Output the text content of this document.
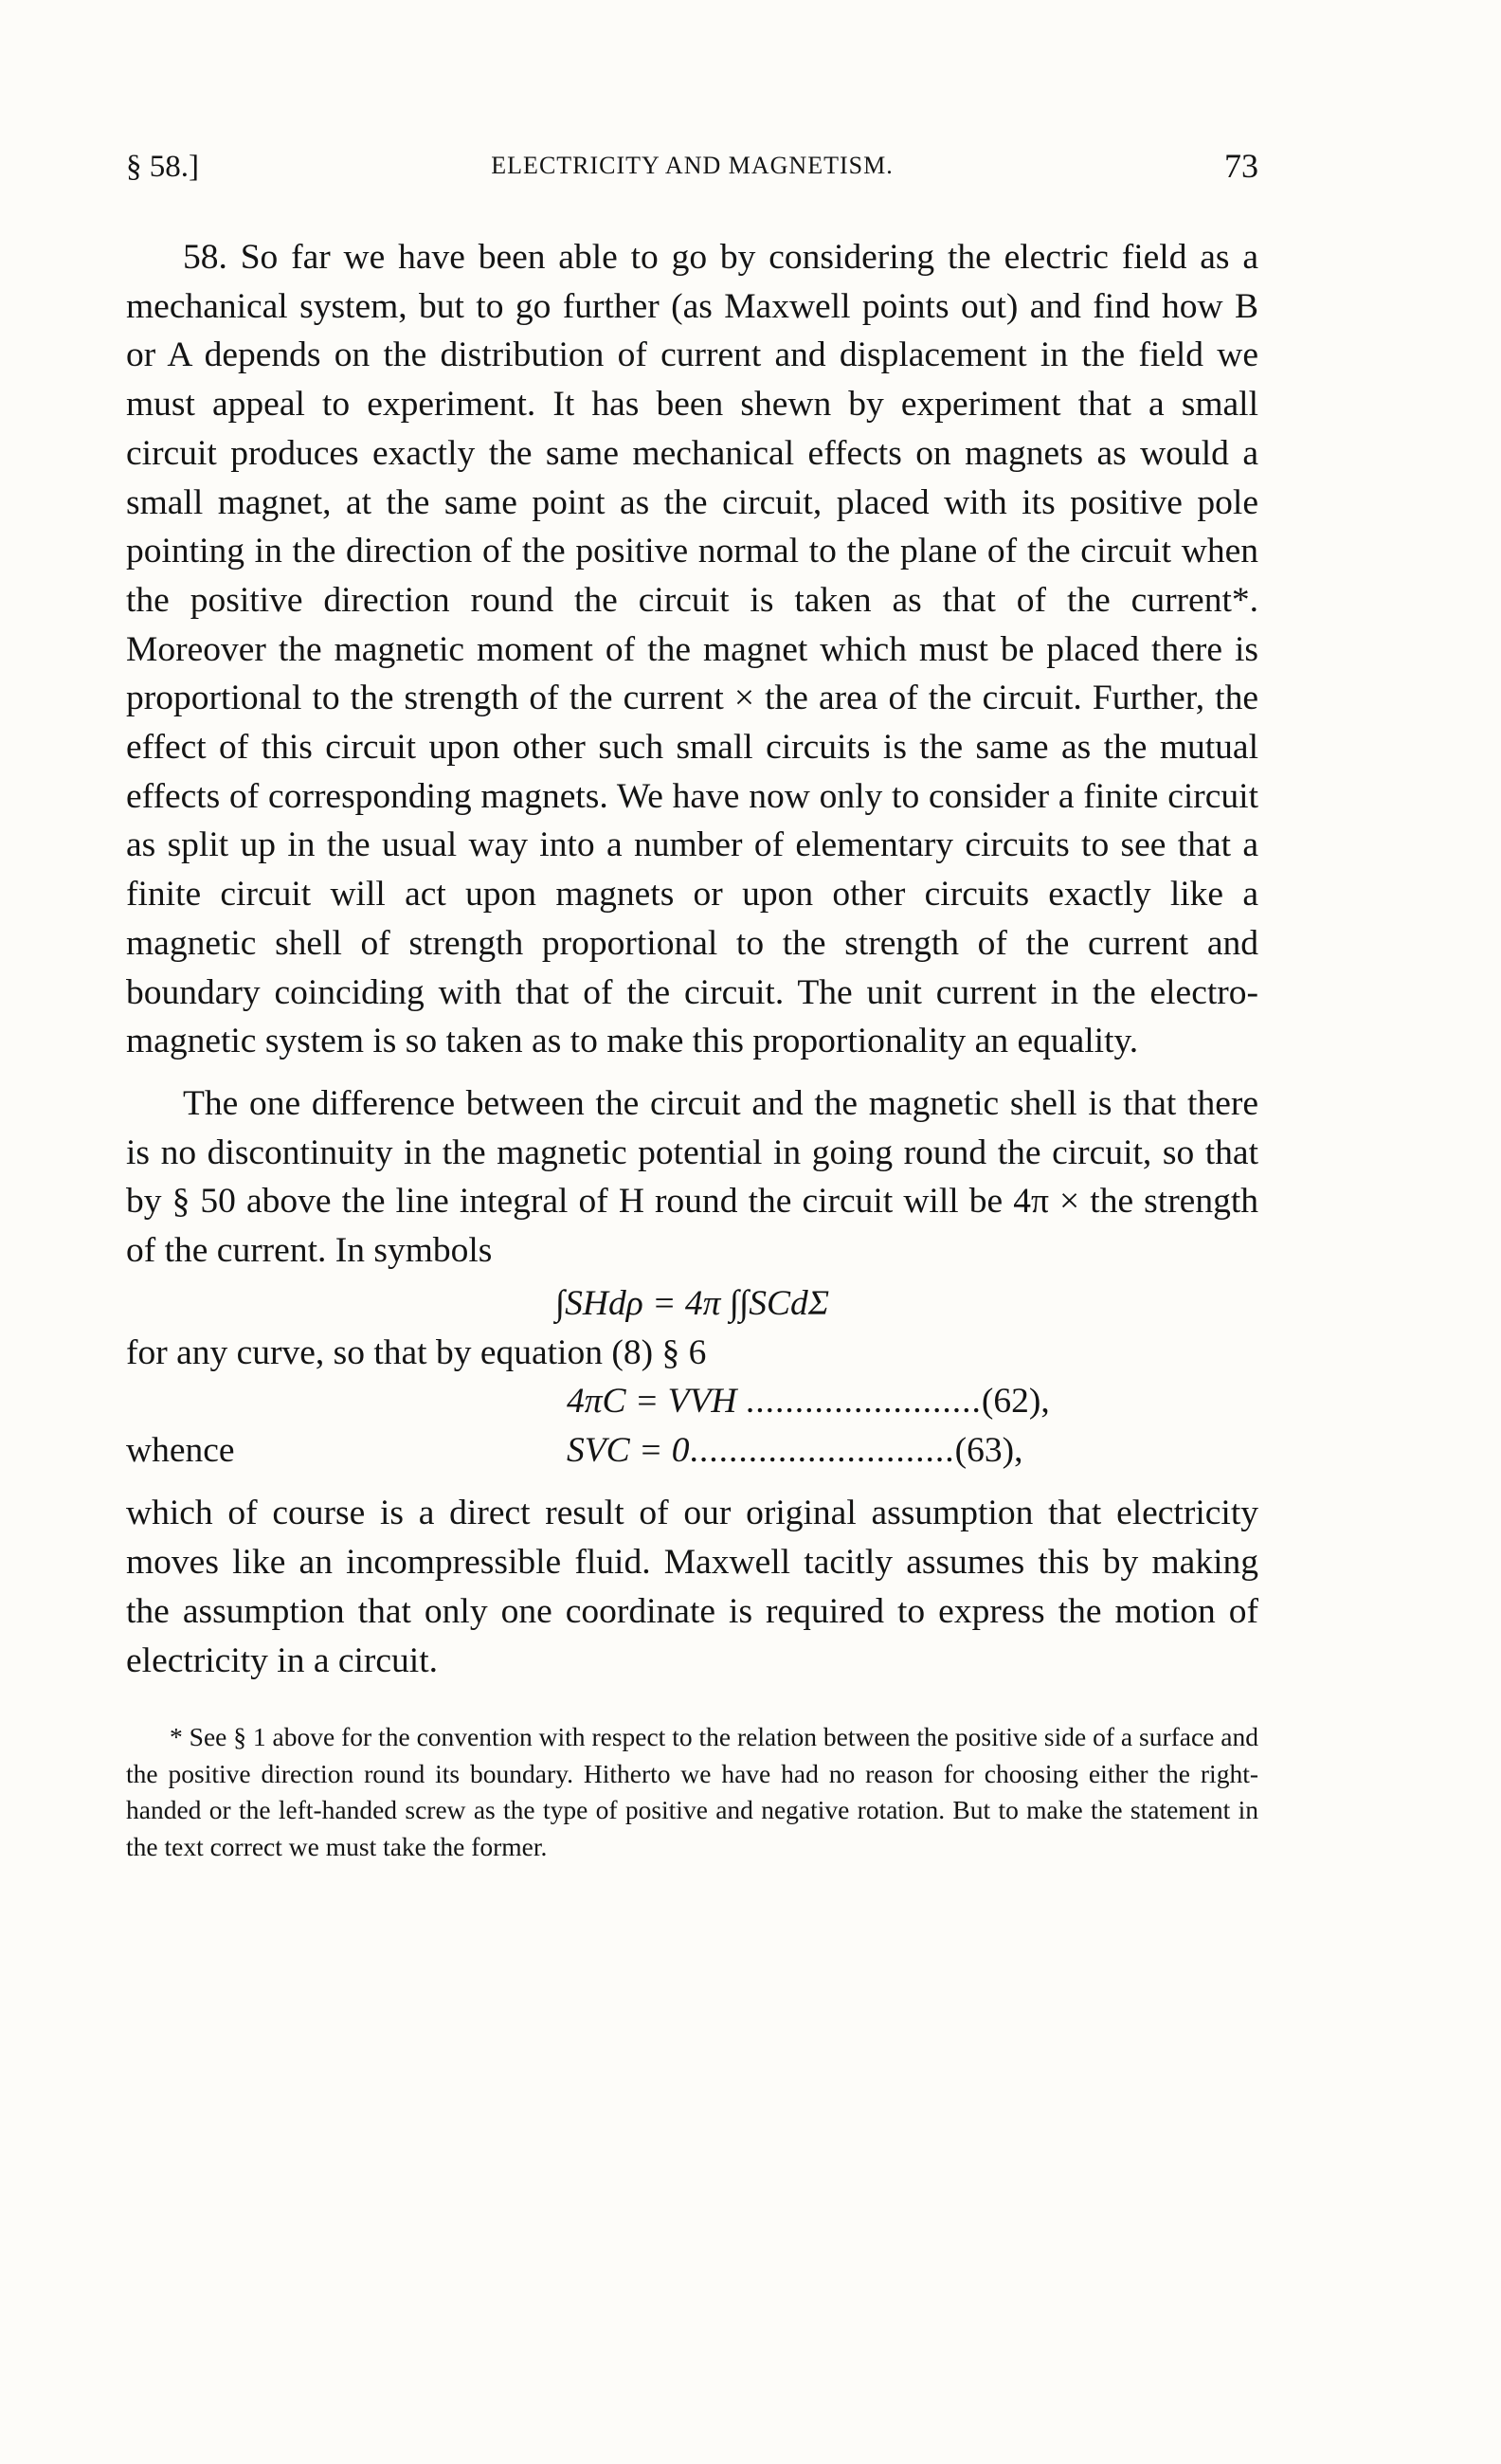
§ 58.]	ELECTRICITY AND MAGNETISM.	73

58. So far we have been able to go by considering the electric field as a mechanical system, but to go further (as Maxwell points out) and find how B or A depends on the distribution of current and displacement in the field we must appeal to experiment. It has been shewn by experiment that a small circuit produces exactly the same mechanical effects on magnets as would a small magnet, at the same point as the circuit, placed with its positive pole pointing in the direction of the positive normal to the plane of the circuit when the positive direction round the circuit is taken as that of the current*. Moreover the magnetic moment of the magnet which must be placed there is proportional to the strength of the current × the area of the circuit. Further, the effect of this circuit upon other such small circuits is the same as the mutual effects of corresponding magnets. We have now only to consider a finite circuit as split up in the usual way into a number of elementary circuits to see that a finite circuit will act upon magnets or upon other circuits exactly like a magnetic shell of strength proportional to the strength of the current and boundary coinciding with that of the circuit. The unit current in the electro-magnetic system is so taken as to make this proportionality an equality.

The one difference between the circuit and the magnetic shell is that there is no discontinuity in the magnetic potential in going round the circuit, so that by § 50 above the line integral of H round the circuit will be 4π × the strength of the current. In symbols

∫SHdρ = 4π ∫∫SCdΣ

for any curve, so that by equation (8) § 6

4πC = VVH ........................(62),
whence	SVC = 0...........................(63),

which of course is a direct result of our original assumption that electricity moves like an incompressible fluid. Maxwell tacitly assumes this by making the assumption that only one coordinate is required to express the motion of electricity in a circuit.

* See § 1 above for the convention with respect to the relation between the positive side of a surface and the positive direction round its boundary. Hitherto we have had no reason for choosing either the right-handed or the left-handed screw as the type of positive and negative rotation. But to make the statement in the text correct we must take the former.
